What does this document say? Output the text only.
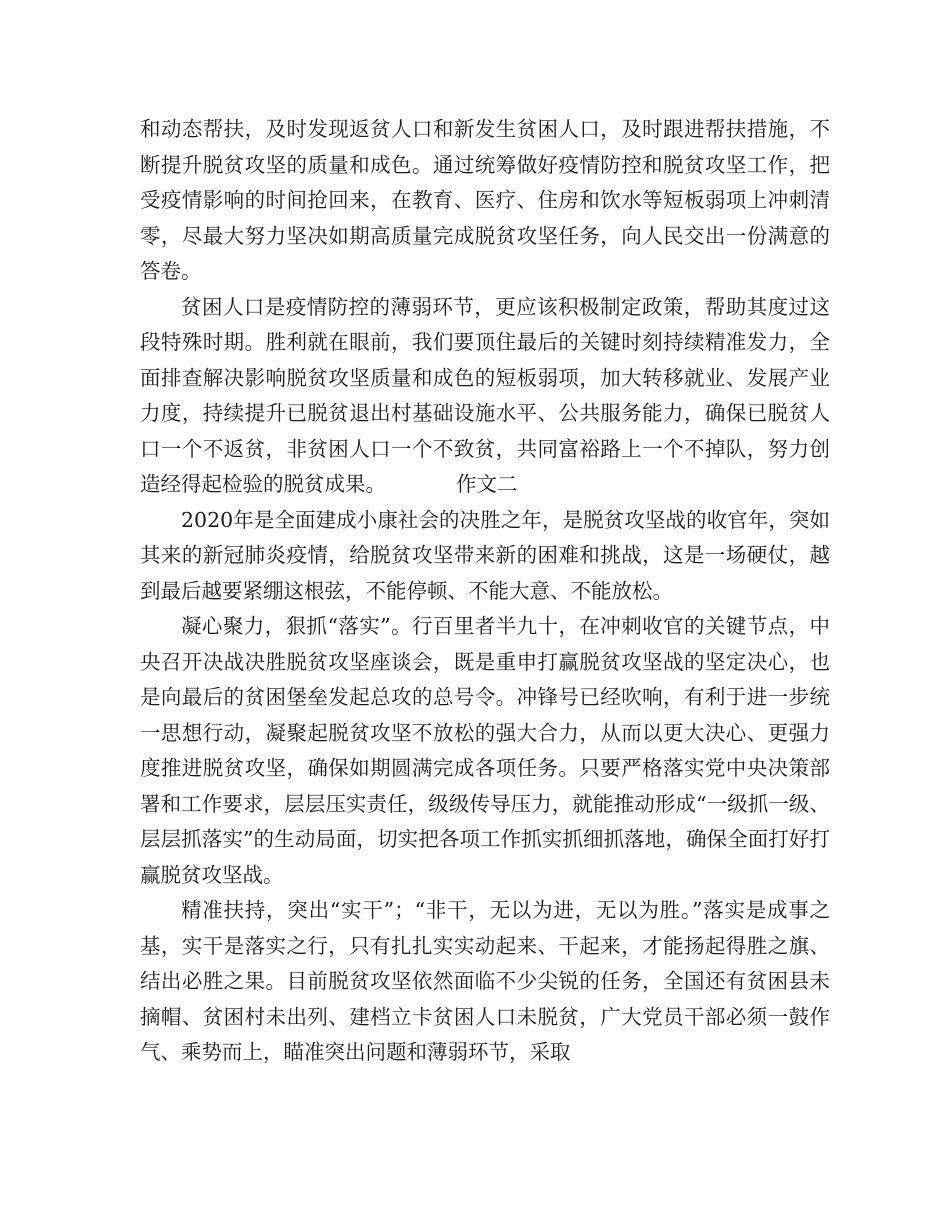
和动态帮扶，及时发现返贫人口和新发生贫困人口，及时跟进帮扶措施，不断提升脱贫攻坚的质量和成色。通过统筹做好疫情防控和脱贫攻坚工作，把受疫情影响的时间抢回来，在教育、医疗、住房和饮水等短板弱项上冲刺清零，尽最大努力坚决如期高质量完成脱贫攻坚任务，向人民交出一份满意的答卷。

贫困人口是疫情防控的薄弱环节，更应该积极制定政策，帮助其度过这段特殊时期。胜利就在眼前，我们要顶住最后的关键时刻持续精准发力，全面排查解决影响脱贫攻坚质量和成色的短板弱项，加大转移就业、发展产业力度，持续提升已脱贫退出村基础设施水平、公共服务能力，确保已脱贫人口一个不返贫，非贫困人口一个不致贫，共同富裕路上一个不掉队，努力创造经得起检验的脱贫成果。	作文二

2020年是全面建成小康社会的决胜之年，是脱贫攻坚战的收官年，突如其来的新冠肺炎疫情，给脱贫攻坚带来新的困难和挑战，这是一场硬仗，越到最后越要紧绷这根弦，不能停顿、不能大意、不能放松。

凝心聚力，狠抓“落实”。行百里者半九十，在冲刺收官的关键节点，中央召开决战决胜脱贫攻坚座谈会，既是重申打赢脱贫攻坚战的坚定决心，也是向最后的贫困堡垒发起总攻的总号令。冲锋号已经吹响，有利于进一步统一思想行动，凝聚起脱贫攻坚不放松的强大合力，从而以更大决心、更强力度推进脱贫攻坚，确保如期圆满完成各项任务。只要严格落实党中央决策部署和工作要求，层层压实责任，级级传导压力，就能推动形成“一级抓一级、层层抓落实”的生动局面，切实把各项工作抓实抓细抓落地，确保全面打好打赢脱贫攻坚战。

精准扶持，突出“实干”；“非干，无以为进，无以为胜。”落实是成事之基，实干是落实之行，只有扎扎实实动起来、干起来，才能扬起得胜之旗、结出必胜之果。目前脱贫攻坚依然面临不少尖锐的任务，全国还有贫困县未摘帽、贫困村未出列、建档立卡贫困人口未脱贫，广大党员干部必须一鼓作气、乘势而上，瞄准突出问题和薄弱环节，采取
